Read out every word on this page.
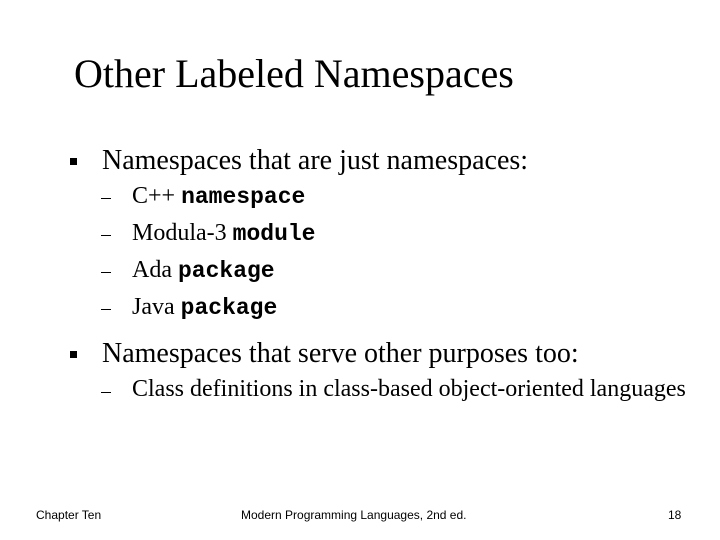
Other Labeled Namespaces
Namespaces that are just namespaces:
C++ namespace
Modula-3 module
Ada package
Java package
Namespaces that serve other purposes too:
Class definitions in class-based object-oriented languages
Chapter Ten	Modern Programming Languages, 2nd ed.	18
